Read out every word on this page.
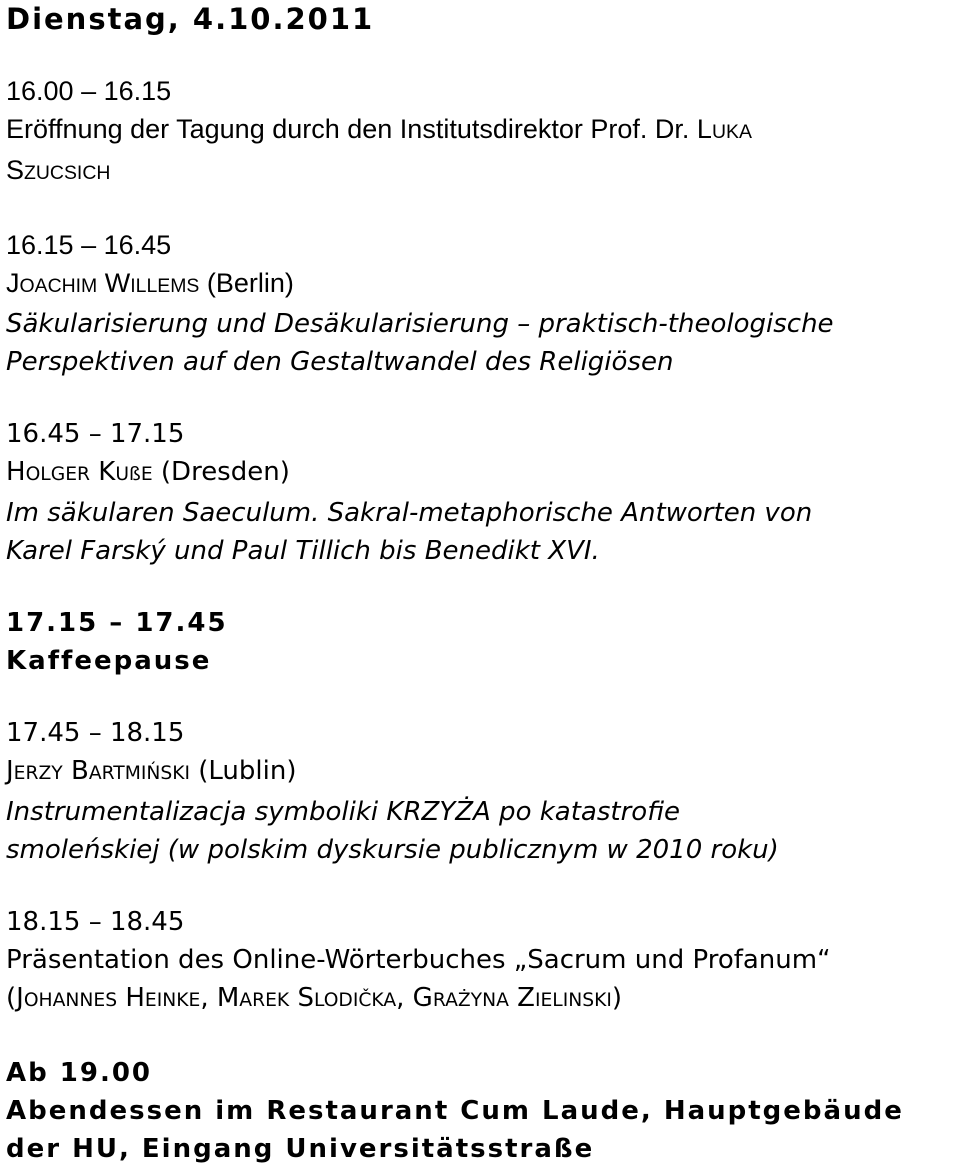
Dienstag, 4.10.2011

16.00 – 16.15

Eröffnung der Tagung durch den Institutsdirektor Prof. Dr. LUKA

SZUCSICH

16.15 – 16.45

JOACHIM WILLEMS (Berlin)

Säkularisierung und Desäkularisierung – praktisch-theologische

Perspektiven auf den Gestaltwandel des Religiösen

16.45 – 17.15

HOLGER KUßE (Dresden)

Im säkularen Saeculum. Sakral-metaphorische Antworten von

Karel Farský und Paul Tillich bis Benedikt XVI.

17.15 – 17.45

Kaffeepause

17.45 – 18.15

JERZY BARTMIŃSKI (Lublin)

Instrumentalizacja symboliki KRZYŻA po katastrofie

smoleńskiej (w polskim dyskursie publicznym w 2010 roku)

18.15 – 18.45

Präsentation des Online-Wörterbuches „Sacrum und Profanum“

(JOHANNES HEINKE, MAREK SLODIČKA, GRAŻYNA ZIELINSKI)

Ab 19.00

Abendessen im Restaurant Cum Laude, Hauptgebäude

der HU, Eingang Universitätsstraße
